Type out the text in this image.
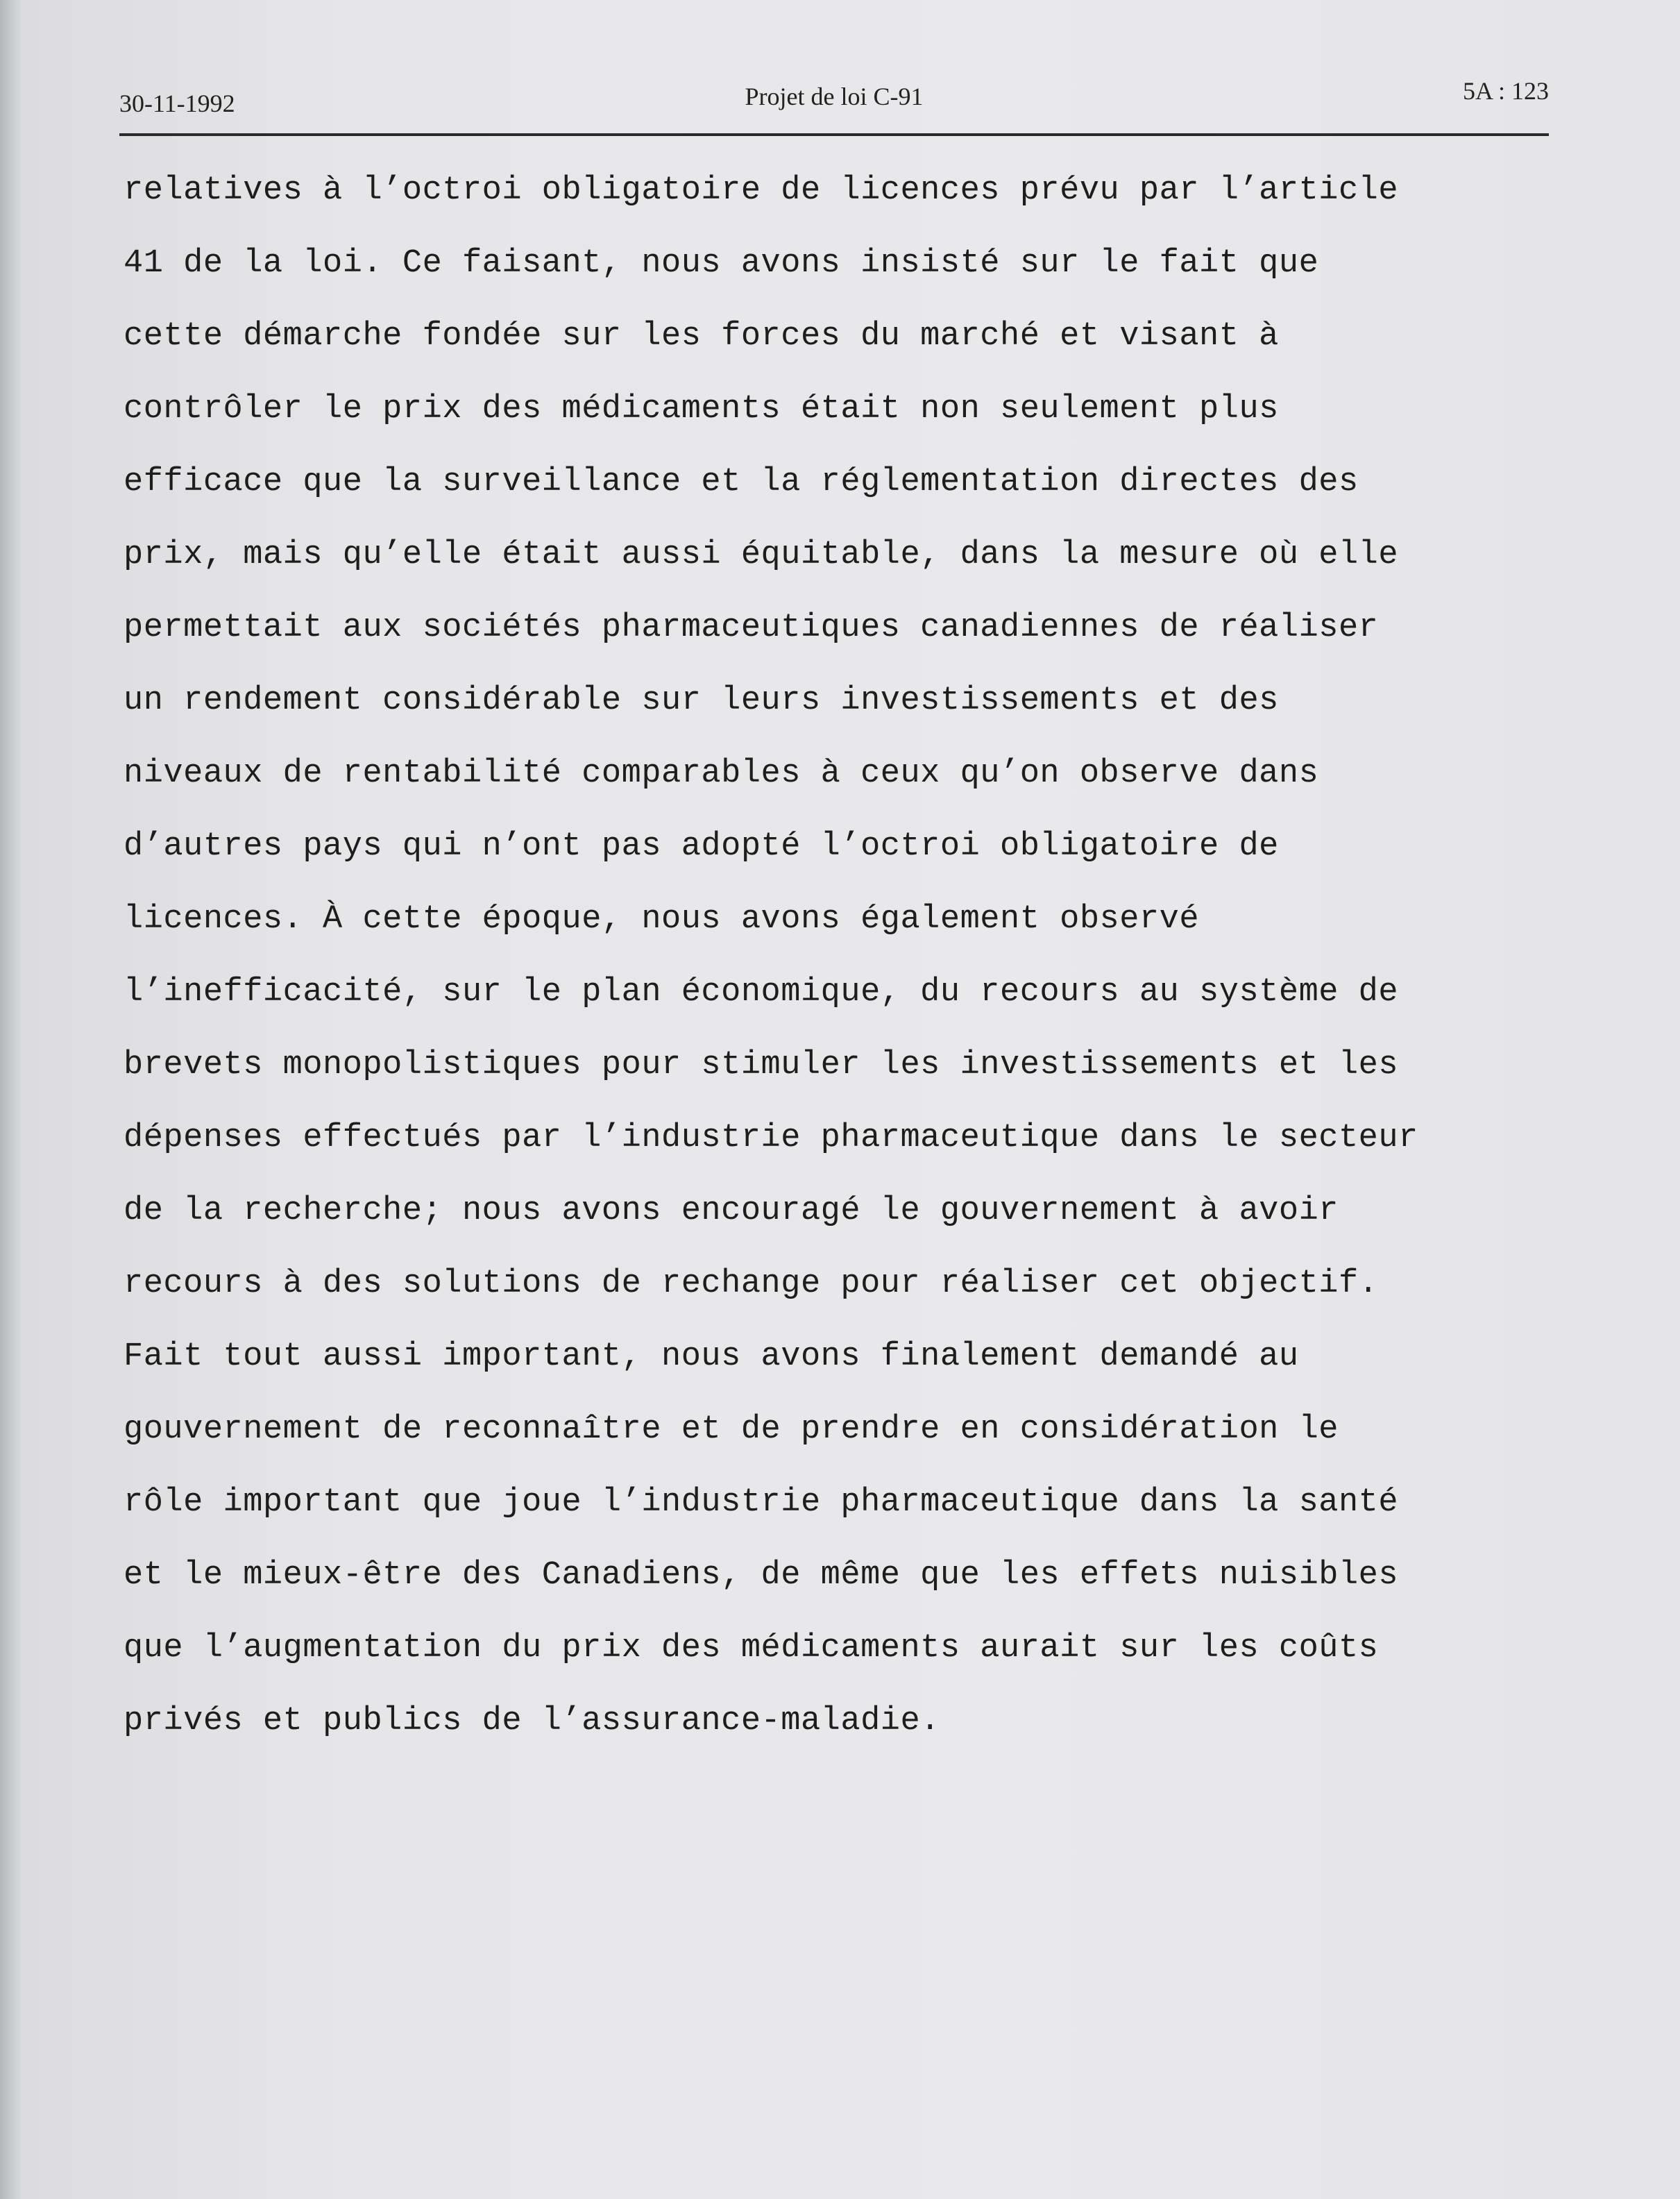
30-11-1992	Projet de loi C-91	5A : 123
relatives à l’octroi obligatoire de licences prévu par l’article
41 de la loi. Ce faisant, nous avons insisté sur le fait que
cette démarche fondée sur les forces du marché et visant à
contrôler le prix des médicaments était non seulement plus
efficace que la surveillance et la réglementation directes des
prix, mais qu’elle était aussi équitable, dans la mesure où elle
permettait aux sociétés pharmaceutiques canadiennes de réaliser
un rendement considérable sur leurs investissements et des
niveaux de rentabilité comparables à ceux qu’on observe dans
d’autres pays qui n’ont pas adopté l’octroi obligatoire de
licences. À cette époque, nous avons également observé
l’inefficacité, sur le plan économique, du recours au système de
brevets monopolistiques pour stimuler les investissements et les
dépenses effectués par l’industrie pharmaceutique dans le secteur
de la recherche; nous avons encouragé le gouvernement à avoir
recours à des solutions de rechange pour réaliser cet objectif.
Fait tout aussi important, nous avons finalement demandé au
gouvernement de reconnaître et de prendre en considération le
rôle important que joue l’industrie pharmaceutique dans la santé
et le mieux-être des Canadiens, de même que les effets nuisibles
que l’augmentation du prix des médicaments aurait sur les coûts
privés et publics de l’assurance-maladie.
